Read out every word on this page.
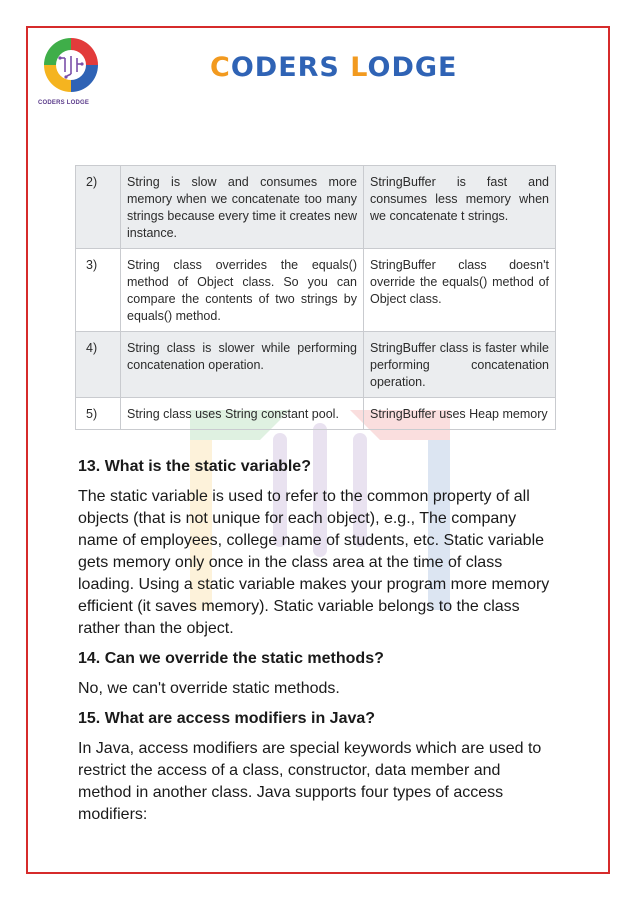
CODERS LODGE
CODERS LODGE
2)	String is slow and consumes more memory when we concatenate too many strings because every time it creates new instance.	StringBuffer is fast and consumes less memory when we concatenate t strings.
3)	String class overrides the equals() method of Object class. So you can compare the contents of two strings by equals() method.	StringBuffer class doesn't override the equals() method of Object class.
4)	String class is slower while performing concatenation operation.	StringBuffer class is faster while performing concatenation operation.
5)	String class uses String constant pool.	StringBuffer uses Heap memory
13. What is the static variable?

The static variable is used to refer to the common property of all objects (that is not unique for each object), e.g., The company name of employees, college name of students, etc. Static variable gets memory only once in the class area at the time of class loading. Using a static variable makes your program more memory efficient (it saves memory). Static variable belongs to the class rather than the object.

14. Can we override the static methods?

No, we can't override static methods.

15. What are access modifiers in Java?

In Java, access modifiers are special keywords which are used to restrict the access of a class, constructor, data member and method in another class. Java supports four types of access modifiers:
